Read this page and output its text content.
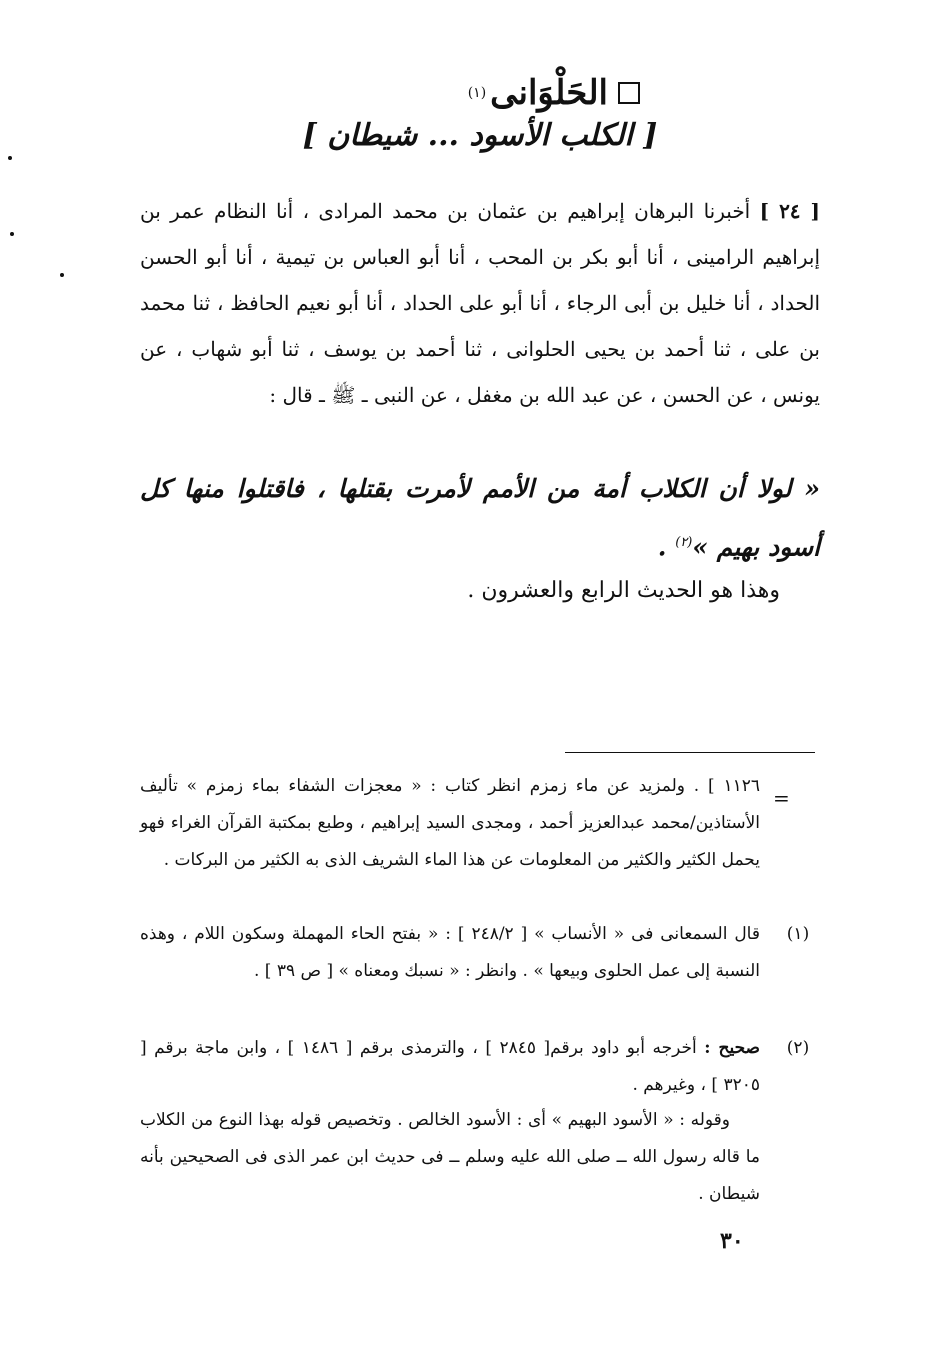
الحَلْوَانى
(١)
[ الكلب الأسود ... شيطان ]
[ ٢٤ ] أخبرنا البرهان إبراهيم بن عثمان بن محمد المرادى ، أنا النظام عمر بن إبراهيم الرامينى ، أنا أبو بكر بن المحب ، أنا أبو العباس بن تيمية ، أنا أبو الحسن الحداد ، أنا خليل بن أبى الرجاء ، أنا أبو على الحداد ، أنا أبو نعيم الحافظ ، ثنا محمد بن على ، ثنا أحمد بن يحيى الحلوانى ، ثنا أحمد بن يوسف ، ثنا أبو شهاب ، عن يونس ، عن الحسن ، عن عبد الله بن مغفل ، عن النبى ـ ﷺ ـ قال :
« لولا أن الكلاب أمة من الأمم لأمرت بقتلها ، فاقتلوا منها كل أسود بهيم »$^{(٢)}$ .
وهذا هو الحديث الرابع والعشرون .
=
١١٢٦ ] . ولمزيد عن ماء زمزم انظر كتاب : « معجزات الشفاء بماء زمزم » تأليف الأستاذين/محمد عبدالعزيز أحمد ، ومجدى السيد إبراهيم ، وطبع بمكتبة القرآن الغراء فهو يحمل الكثير والكثير من المعلومات عن هذا الماء الشريف الذى به الكثير من البركات .
(١)
قال السمعانى فى « الأنساب » [ ٢٤٨/٢ ] : « بفتح الحاء المهملة وسكون اللام ، وهذه النسبة إلى عمل الحلوى وبيعها » . وانظر : « نسبك ومعناه » [ ص ٣٩ ] .
(٢)
صحيح : أخرجه أبو داود برقم[ ٢٨٤٥ ] ، والترمذى برقم [ ١٤٨٦ ] ، وابن ماجة برقم [ ٣٢٠٥ ] ، وغيرهم .
وقوله : « الأسود البهيم » أى : الأسود الخالص . وتخصيص قوله بهذا النوع من الكلاب ما قاله رسول الله ــ صلى الله عليه وسلم ــ فى حديث ابن عمر الذى فى الصحيحين بأنه شيطان .
٣٠
